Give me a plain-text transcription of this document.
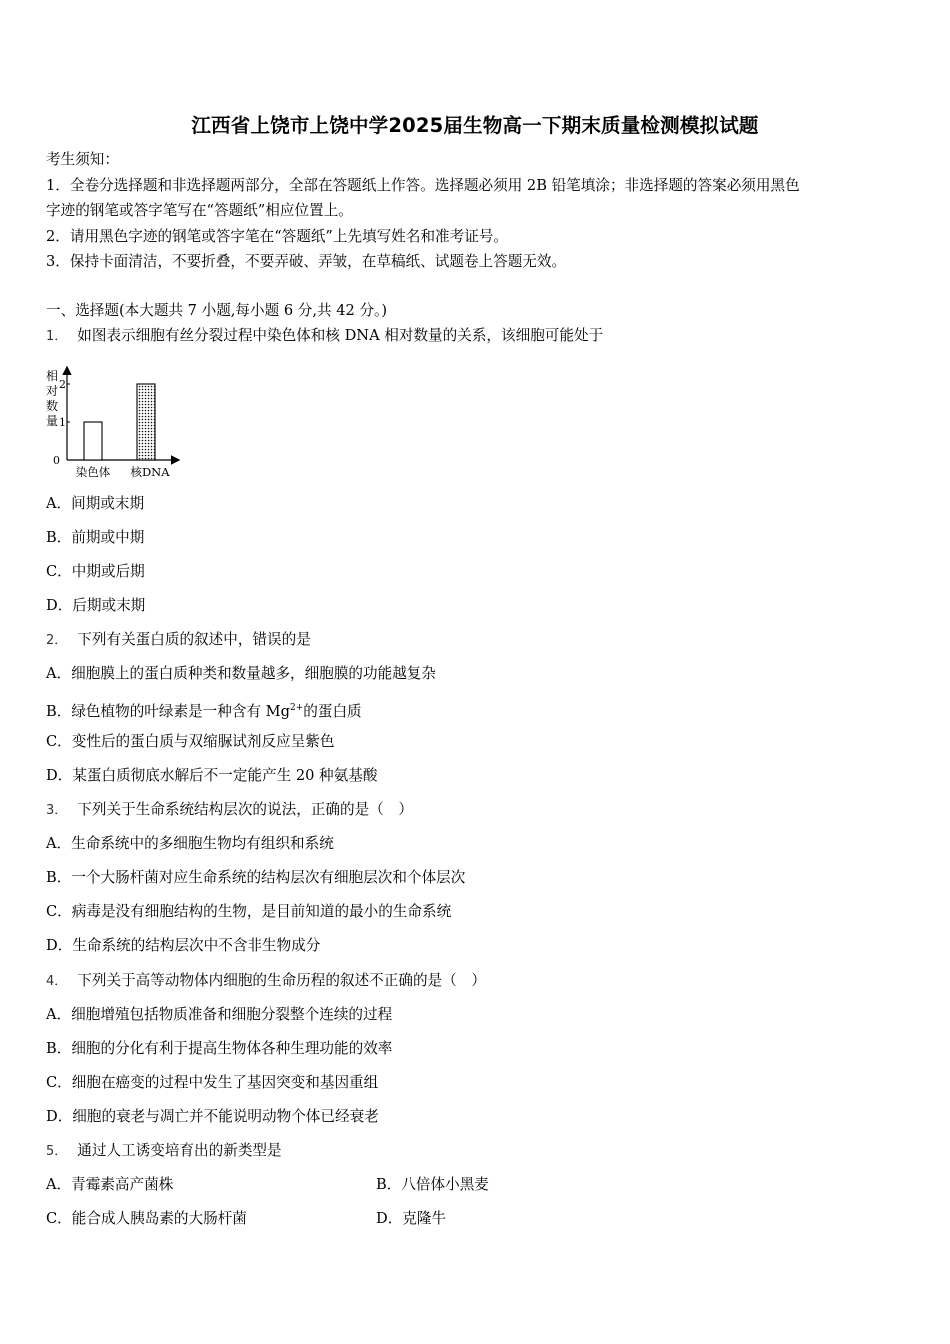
江西省上饶市上饶中学2025届生物高一下期末质量检测模拟试题
考生须知：
1．全卷分选择题和非选择题两部分，全部在答题纸上作答。选择题必须用 2B 铅笔填涂；非选择题的答案必须用黑色
字迹的钢笔或答字笔写在“答题纸”相应位置上。
2．请用黑色字迹的钢笔或答字笔在“答题纸”上先填写姓名和准考证号。
3．保持卡面清洁，不要折叠，不要弄破、弄皱，在草稿纸、试题卷上答题无效。
一、选择题(本大题共 7 小题,每小题 6 分,共 42 分。)
1． 如图表示细胞有丝分裂过程中染色体和核 DNA 相对数量的关系，该细胞可能处于
相
对
数
量
0
1
2
染色体 核DNA
A．间期或末期
B．前期或中期
C．中期或后期
D．后期或末期
2． 下列有关蛋白质的叙述中，错误的是
A．细胞膜上的蛋白质种类和数量越多，细胞膜的功能越复杂
B．绿色植物的叶绿素是一种含有 $Mg^{2+}$的蛋白质
C．变性后的蛋白质与双缩脲试剂反应呈紫色
D．某蛋白质彻底水解后不一定能产生 20 种氨基酸
3． 下列关于生命系统结构层次的说法，正确的是（　）
A．生命系统中的多细胞生物均有组织和系统
B．一个大肠杆菌对应生命系统的结构层次有细胞层次和个体层次
C．病毒是没有细胞结构的生物，是目前知道的最小的生命系统
D．生命系统的结构层次中不含非生物成分
4． 下列关于高等动物体内细胞的生命历程的叙述不正确的是（　）
A．细胞增殖包括物质准备和细胞分裂整个连续的过程
B．细胞的分化有利于提高生物体各种生理功能的效率
C．细胞在癌变的过程中发生了基因突变和基因重组
D．细胞的衰老与凋亡并不能说明动物个体已经衰老
5． 通过人工诱变培育出的新类型是
A．青霉素高产菌株	B．八倍体小黑麦
C．能合成人胰岛素的大肠杆菌	D．克隆牛
